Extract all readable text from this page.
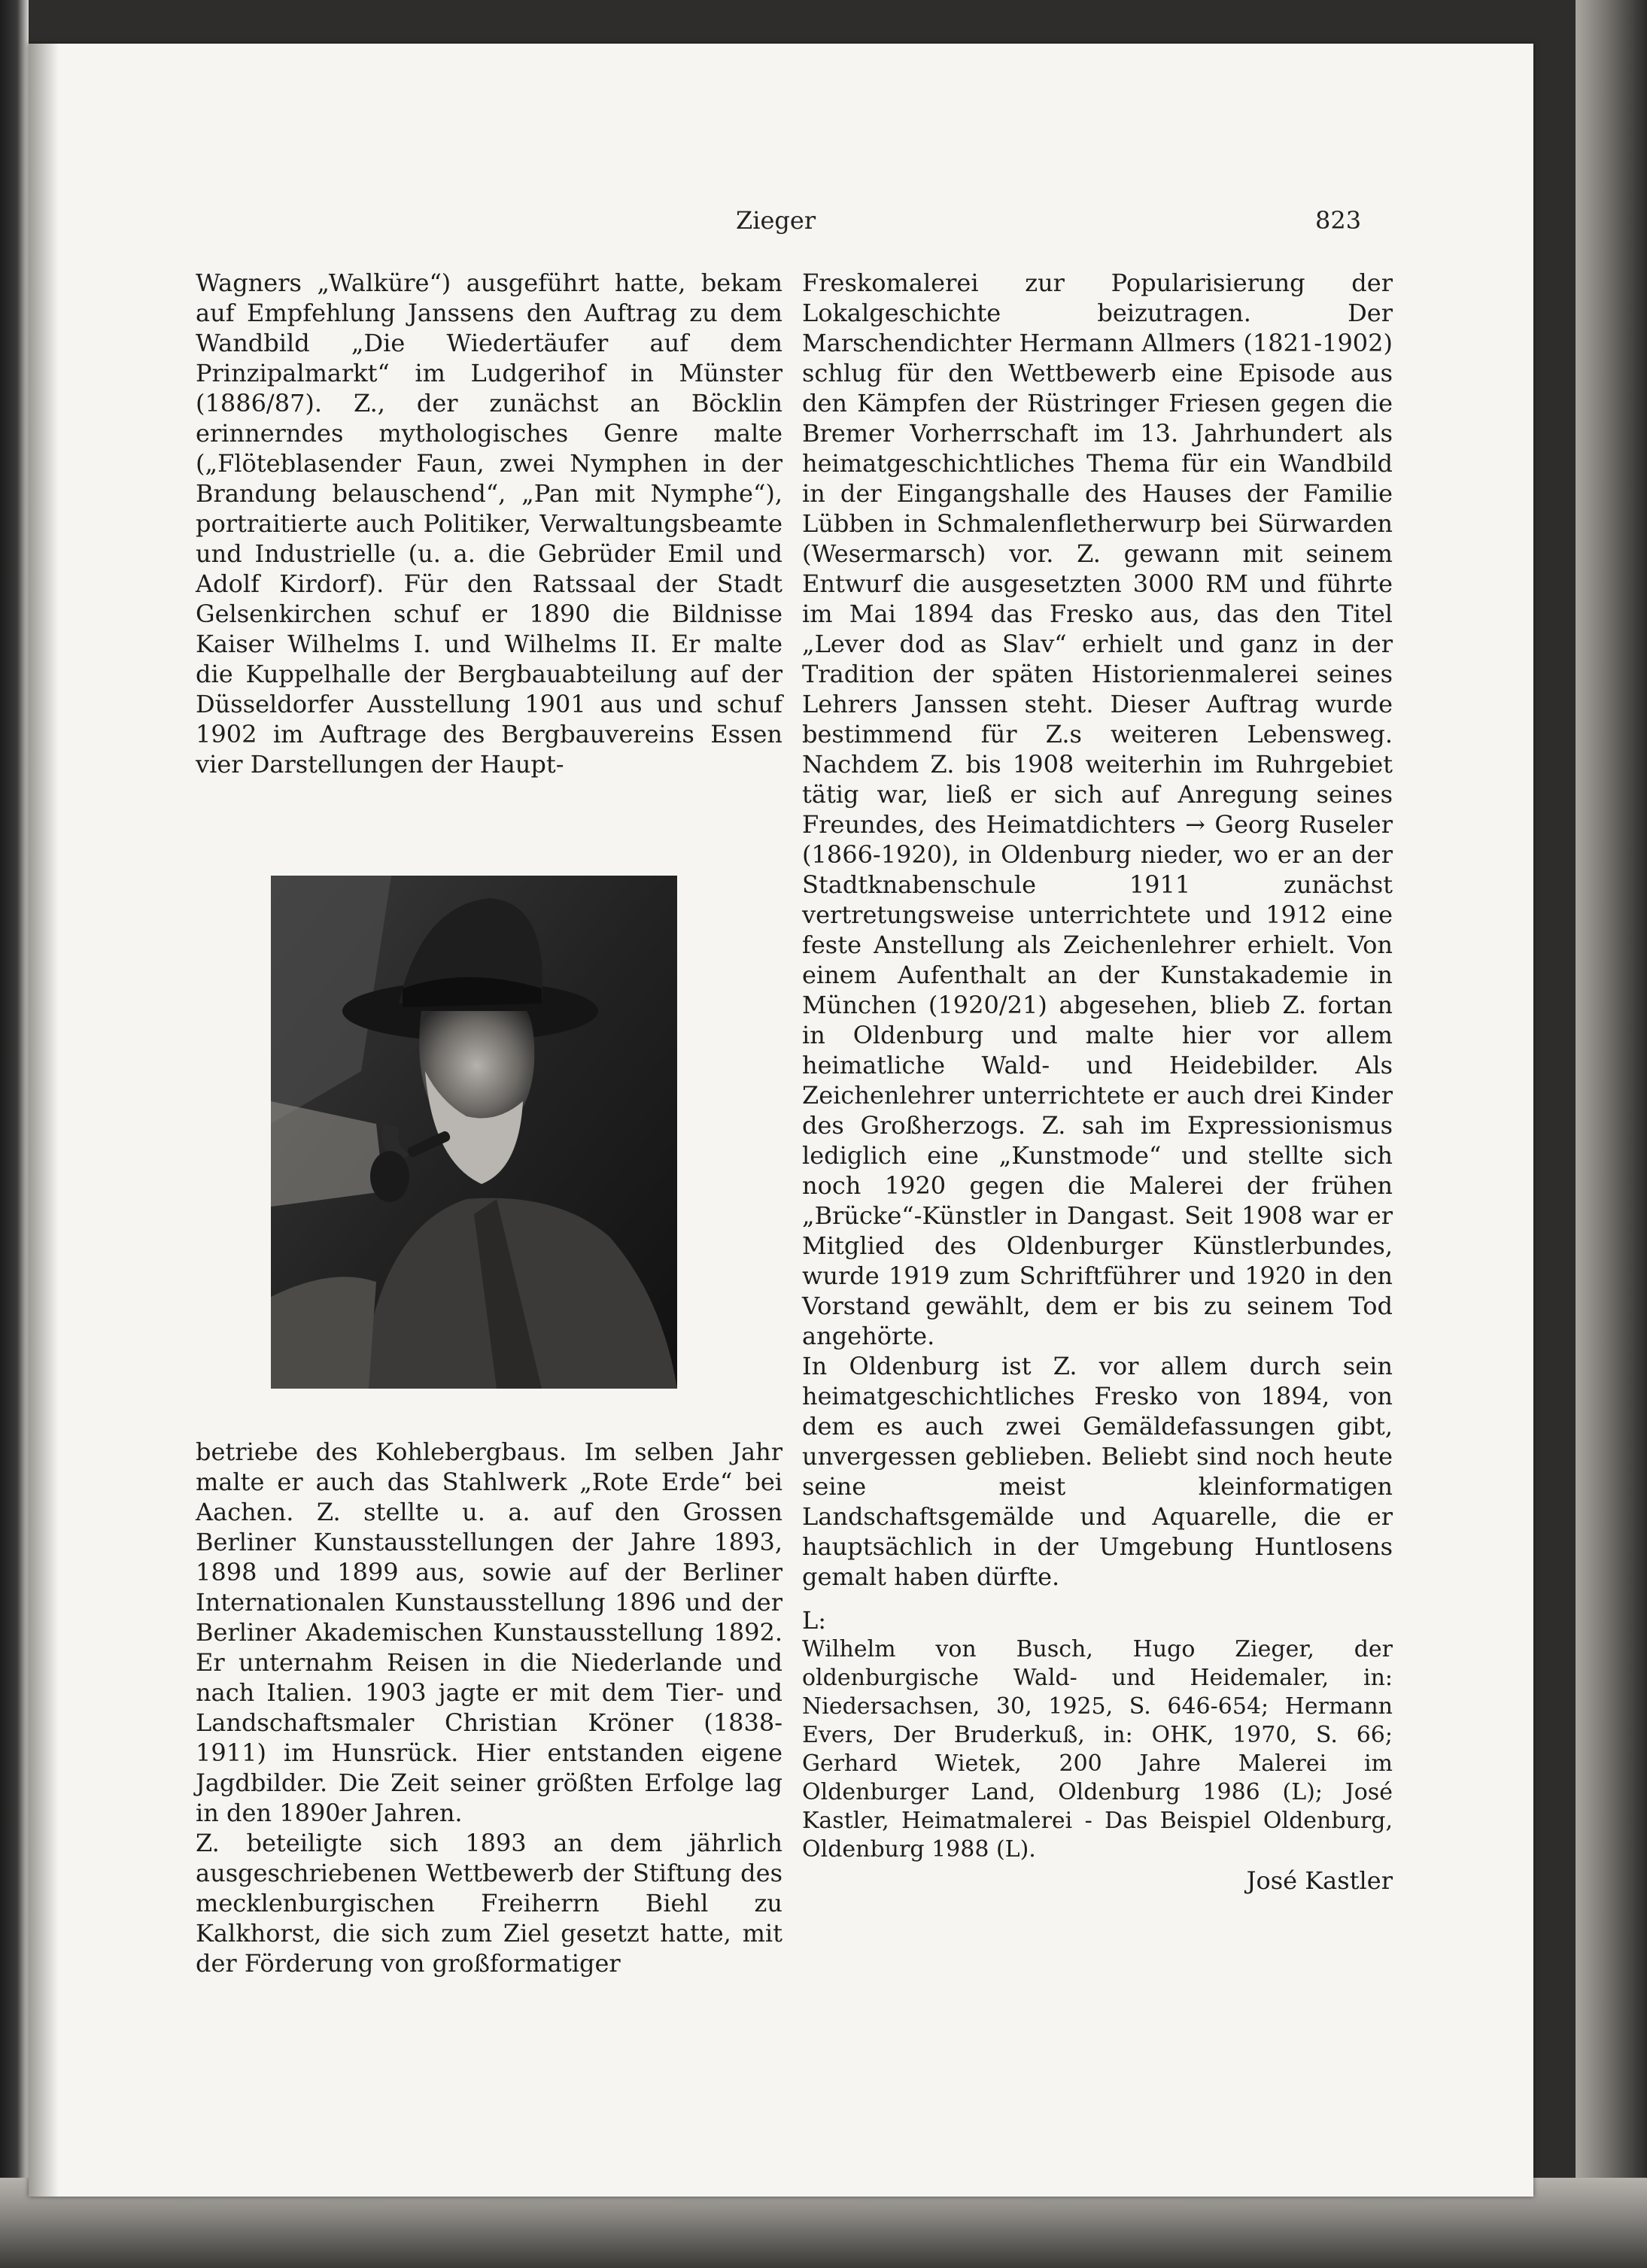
Zieger	823

Wagners „Walküre“) ausgeführt hatte, bekam auf Empfehlung Janssens den Auftrag zu dem Wandbild „Die Wiedertäufer auf dem Prinzipalmarkt“ im Ludgerihof in Münster (1886/87). Z., der zunächst an Böcklin erinnerndes mythologisches Genre malte („Flöteblasender Faun, zwei Nymphen in der Brandung belauschend“, „Pan mit Nymphe“), portraitierte auch Politiker, Verwaltungsbeamte und Industrielle (u. a. die Gebrüder Emil und Adolf Kirdorf). Für den Ratssaal der Stadt Gelsenkirchen schuf er 1890 die Bildnisse Kaiser Wilhelms I. und Wilhelms II. Er malte die Kuppelhalle der Bergbauabteilung auf der Düsseldorfer Ausstellung 1901 aus und schuf 1902 im Auftrage des Bergbauvereins Essen vier Darstellungen der Haupt-

betriebe des Kohlebergbaus. Im selben Jahr malte er auch das Stahlwerk „Rote Erde“ bei Aachen. Z. stellte u. a. auf den Grossen Berliner Kunstausstellungen der Jahre 1893, 1898 und 1899 aus, sowie auf der Berliner Internationalen Kunstausstellung 1896 und der Berliner Akademischen Kunstausstellung 1892. Er unternahm Reisen in die Niederlande und nach Italien. 1903 jagte er mit dem Tier- und Landschaftsmaler Christian Kröner (1838-1911) im Hunsrück. Hier entstanden eigene Jagdbilder. Die Zeit seiner größten Erfolge lag in den 1890er Jahren.

Z. beteiligte sich 1893 an dem jährlich ausgeschriebenen Wettbewerb der Stiftung des mecklenburgischen Freiherrn Biehl zu Kalkhorst, die sich zum Ziel gesetzt hatte, mit der Förderung von großformatiger

Freskomalerei zur Popularisierung der Lokalgeschichte beizutragen. Der Marschendichter Hermann Allmers (1821-1902) schlug für den Wettbewerb eine Episode aus den Kämpfen der Rüstringer Friesen gegen die Bremer Vorherrschaft im 13. Jahrhundert als heimatgeschichtliches Thema für ein Wandbild in der Eingangshalle des Hauses der Familie Lübben in Schmalenfletherwurp bei Sürwarden (Wesermarsch) vor. Z. gewann mit seinem Entwurf die ausgesetzten 3000 RM und führte im Mai 1894 das Fresko aus, das den Titel „Lever dod as Slav“ erhielt und ganz in der Tradition der späten Historienmalerei seines Lehrers Janssen steht. Dieser Auftrag wurde bestimmend für Z.s weiteren Lebensweg. Nachdem Z. bis 1908 weiterhin im Ruhrgebiet tätig war, ließ er sich auf Anregung seines Freundes, des Heimatdichters → Georg Ruseler (1866-1920), in Oldenburg nieder, wo er an der Stadtknabenschule 1911 zunächst vertretungsweise unterrichtete und 1912 eine feste Anstellung als Zeichenlehrer erhielt. Von einem Aufenthalt an der Kunstakademie in München (1920/21) abgesehen, blieb Z. fortan in Oldenburg und malte hier vor allem heimatliche Wald- und Heidebilder. Als Zeichenlehrer unterrichtete er auch drei Kinder des Großherzogs. Z. sah im Expressionismus lediglich eine „Kunstmode“ und stellte sich noch 1920 gegen die Malerei der frühen „Brücke“-Künstler in Dangast. Seit 1908 war er Mitglied des Oldenburger Künstlerbundes, wurde 1919 zum Schriftführer und 1920 in den Vorstand gewählt, dem er bis zu seinem Tod angehörte.

In Oldenburg ist Z. vor allem durch sein heimatgeschichtliches Fresko von 1894, von dem es auch zwei Gemäldefassungen gibt, unvergessen geblieben. Beliebt sind noch heute seine meist kleinformatigen Landschaftsgemälde und Aquarelle, die er hauptsächlich in der Umgebung Huntlosens gemalt haben dürfte.

L:

Wilhelm von Busch, Hugo Zieger, der oldenburgische Wald- und Heidemaler, in: Niedersachsen, 30, 1925, S. 646-654; Hermann Evers, Der Bruderkuß, in: OHK, 1970, S. 66; Gerhard Wietek, 200 Jahre Malerei im Oldenburger Land, Oldenburg 1986 (L); José Kastler, Heimatmalerei - Das Beispiel Oldenburg, Oldenburg 1988 (L).

José Kastler
